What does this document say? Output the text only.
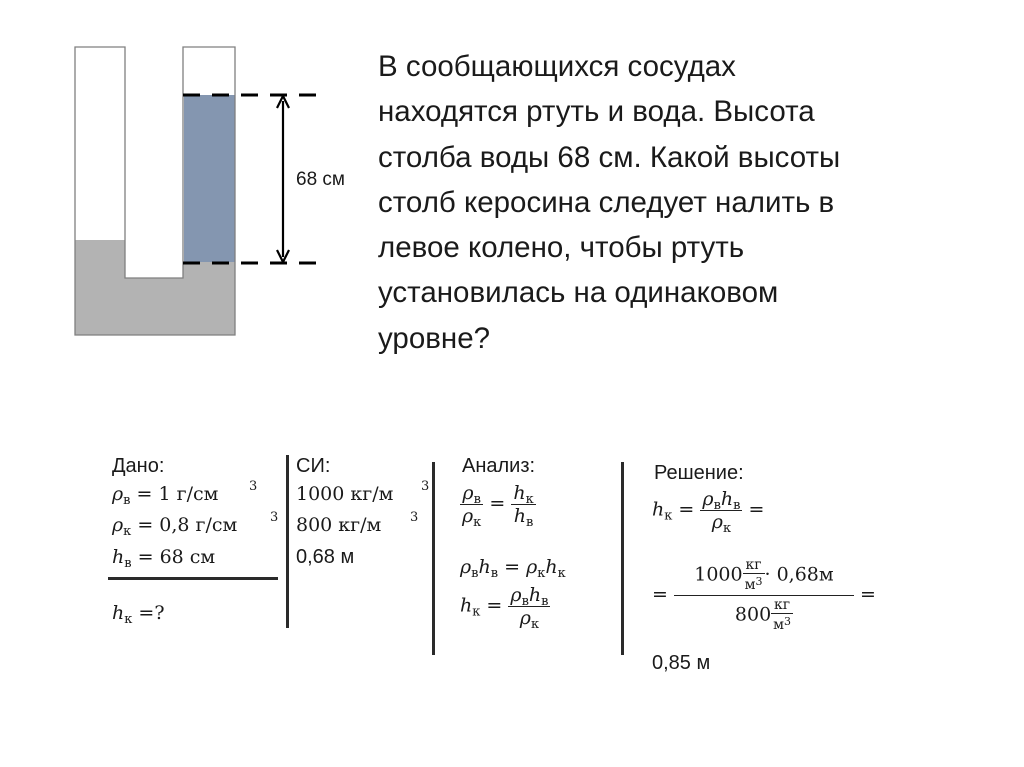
68 см
В сообщающихся сосудах
находятся ртуть и вода. Высота
столба воды 68 см. Какой высоты
столб керосина следует налить в
левое колено, чтобы ртуть
установилась на одинаковом
уровне?
Дано:
$\rho_в = 1$ г/см 3
$\rho_к = 0,8$ г/см	3
$h_в = 68$ см
$h_к$ =?
СИ:
1000 кг/м 3
800 кг/м 3
0,68 м
Анализ:
$\frac{\rho_в}{\rho_к} = \frac{h_к}{h_в}$
$\rho_вh_в = \rho_кh_к$
$h_к = \frac{\rho_вh_в}{\rho_к}$
Решение:
$h_к = \frac{\rho_вh_в}{\rho_к}$ =
= $\frac{1000 \frac{кг}{м^3} \cdot 0,68м}{800 \frac{кг}{м^3}}$ =
0,85 м
